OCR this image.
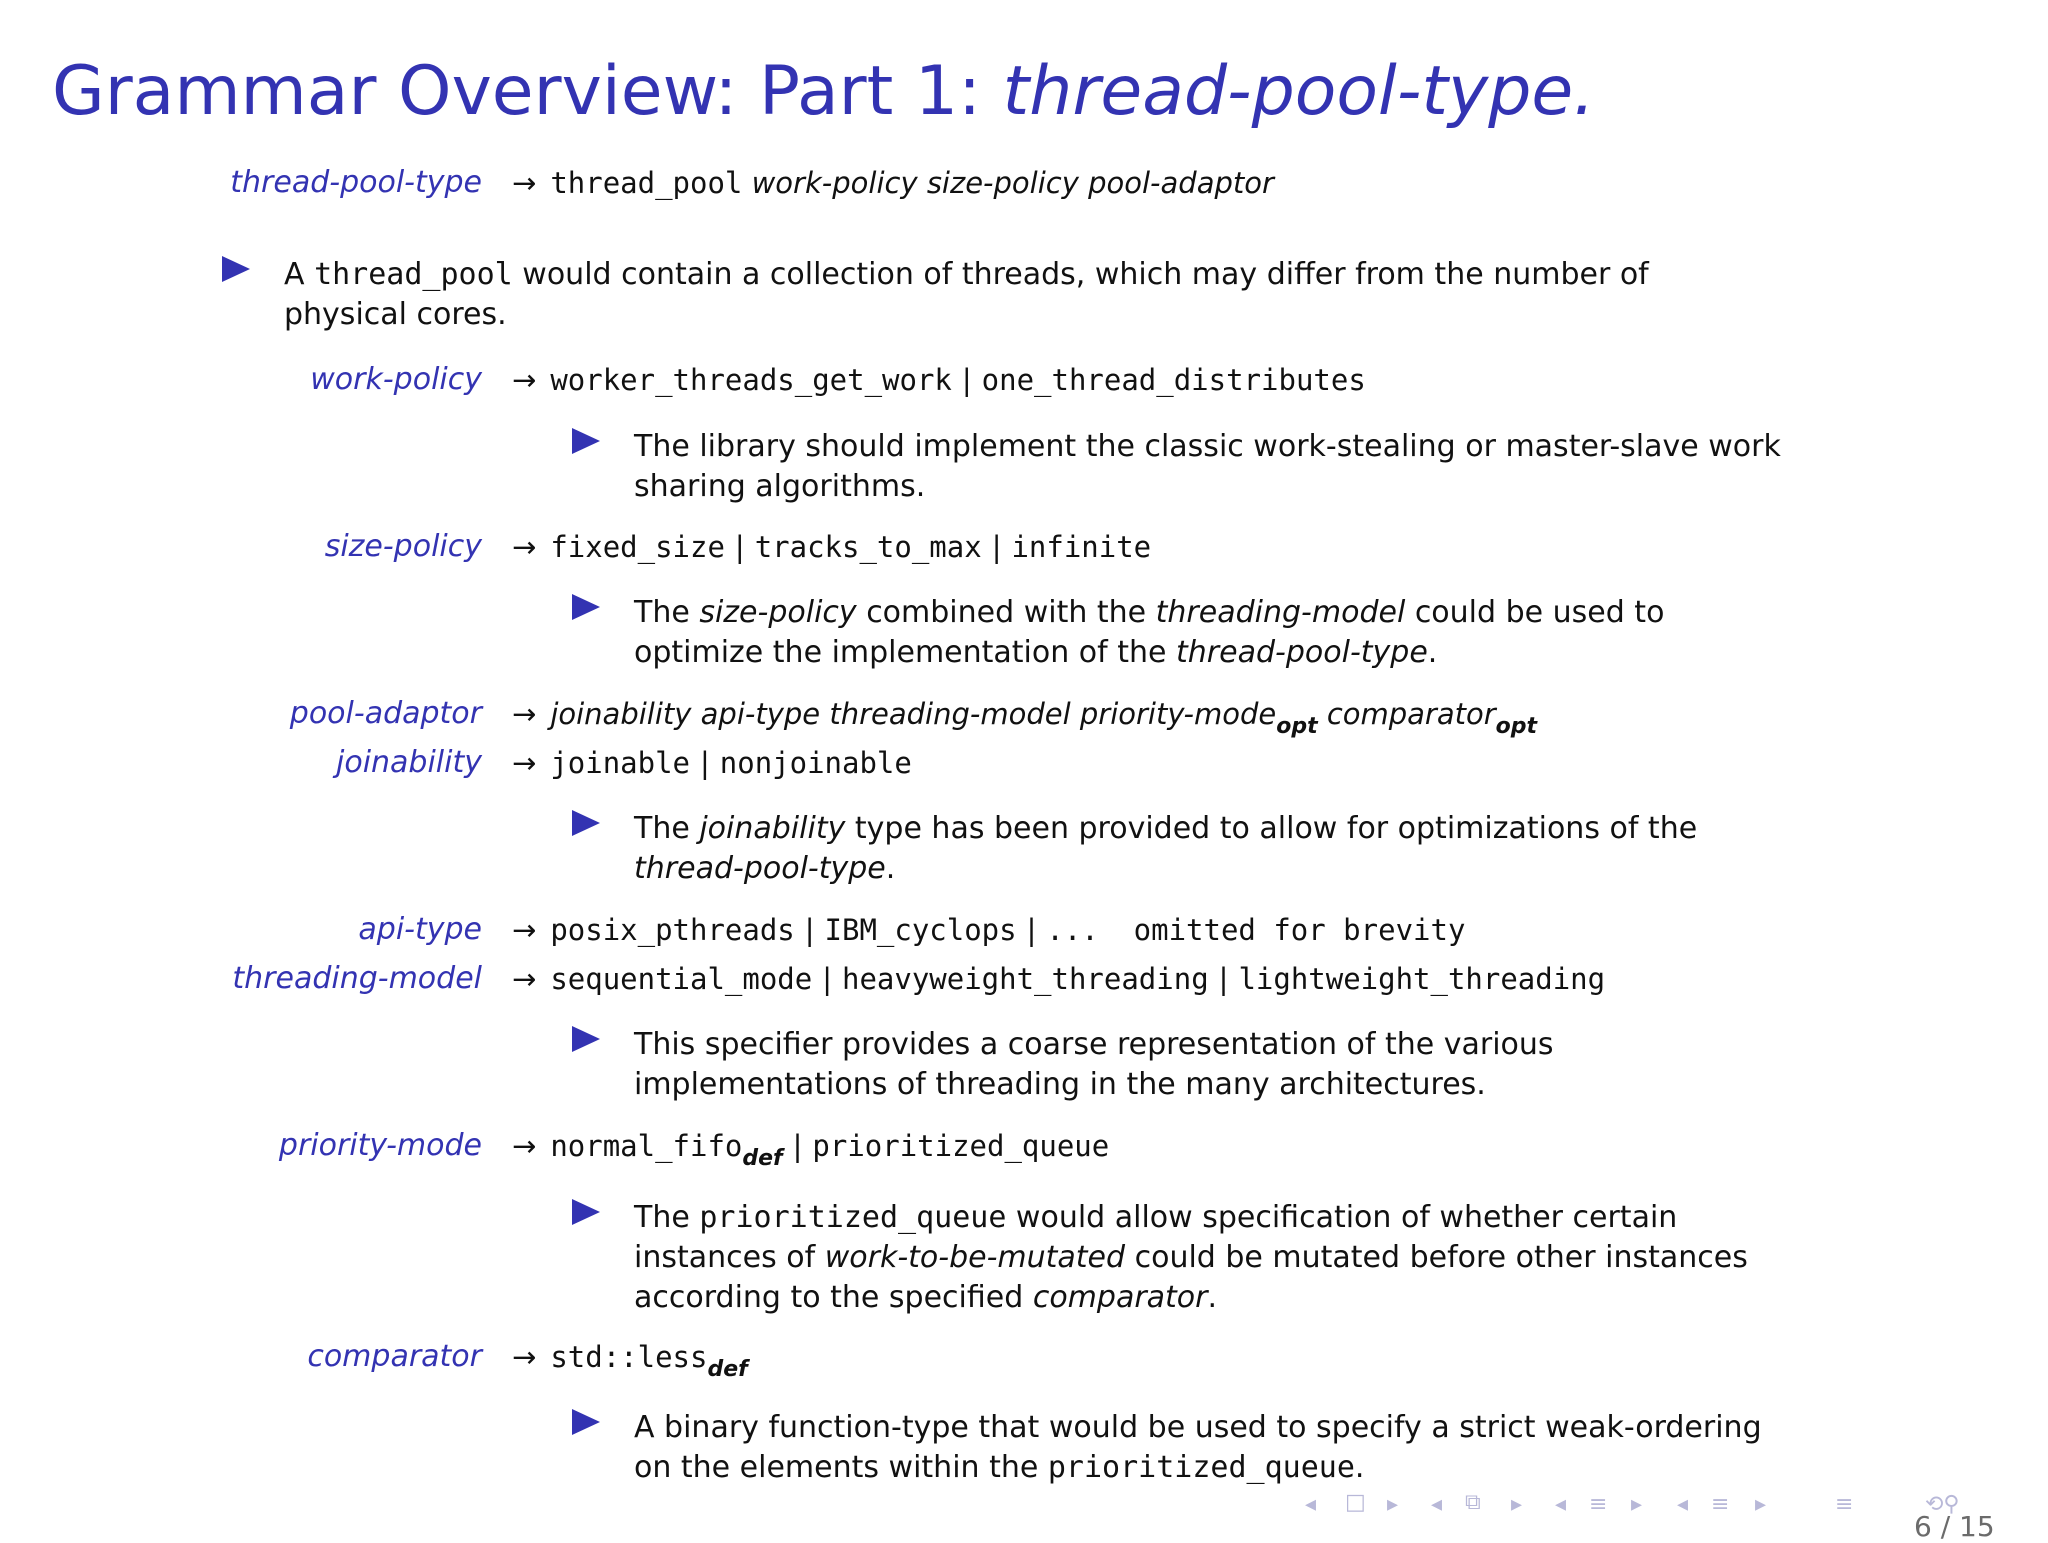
Grammar Overview: Part 1: thread-pool-type.
thread-pool-type → thread_pool work-policy size-policy pool-adaptor
A thread_pool would contain a collection of threads, which may differ from the number of
physical cores.
work-policy → worker_threads_get_work | one_thread_distributes
The library should implement the classic work-stealing or master-slave work
sharing algorithms.
size-policy → fixed_size | tracks_to_max | infinite
The size-policy combined with the threading-model could be used to
optimize the implementation of the thread-pool-type.
pool-adaptor → joinability api-type threading-model priority-mode$_{opt}$ comparator$_{opt}$
joinability → joinable | nonjoinable
The joinability type has been provided to allow for optimizations of the
thread-pool-type.
api-type → posix_pthreads | IBM_cyclops | ...  omitted for brevity
threading-model → sequential_mode | heavyweight_threading | lightweight_threading
This specifier provides a coarse representation of the various
implementations of threading in the many architectures.
priority-mode → normal_fifo$_{def}$ | prioritized_queue
The prioritized_queue would allow specification of whether certain
instances of work-to-be-mutated could be mutated before other instances
according to the specified comparator.
comparator → std::less$_{def}$
A binary function-type that would be used to specify a strict weak-ordering
on the elements within the prioritized_queue.
◂ □ ▸ ◂ ⧉ ▸ ◂ ≡ ▸ ◂ ≡ ▸	≡	⟲⚲
6 / 15
